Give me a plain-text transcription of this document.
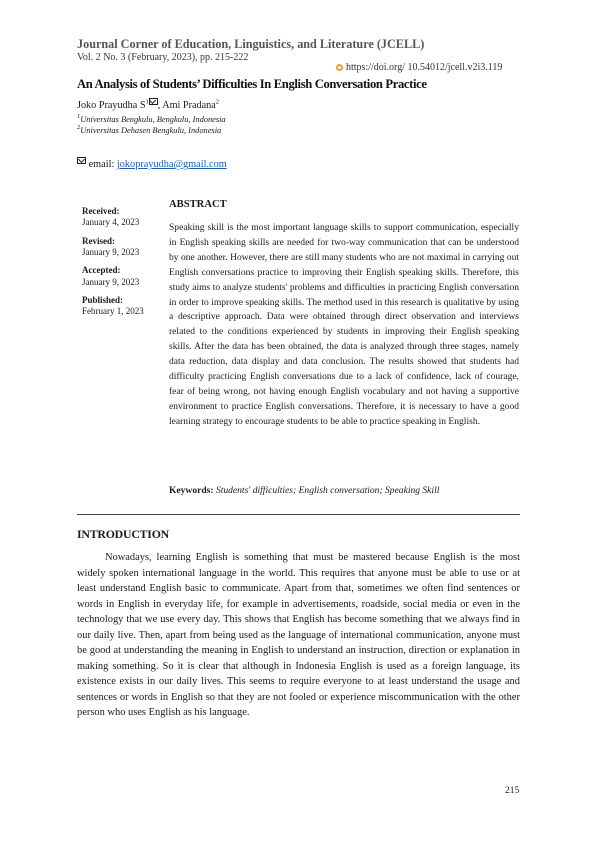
Journal Corner of Education, Linguistics, and Literature (JCELL)
Vol. 2 No. 3 (February, 2023), pp. 215-222
https://doi.org/ 10.54012/jcell.v2i3.119
An Analysis of Students’ Difficulties In English Conversation Practice
Joko Prayudha $S^1$ , Ami Pradana$^2$
$^1$Universitas Bengkulu, Bengkulu, Indonesia
$^2$Universitas Dehasen Bengkulu, Indonesia
email: jokoprayudha@gmail.com
Received:
January 4, 2023
Revised:
January 9, 2023
Accepted:
January 9, 2023
Published:
February 1, 2023
ABSTRACT
Speaking skill is the most important language skills to support communication, especially in English speaking skills are needed for two-way communication that can be understood by one another. However, there are still many students who are not maximal in carrying out English conversations practice to improving their English speaking skills. Therefore, this study aims to analyze students' problems and difficulties in practicing English conversation in order to improve speaking skills. The method used in this research is qualitative by using a descriptive approach. Data were obtained through direct observation and interviews related to the conditions experienced by students in improving their English speaking skills. After the data has been obtained, the data is analyzed through three stages, namely data reduction, data display and data conclusion. The results showed that students had difficulty practicing English conversations due to a lack of confidence, lack of courage, fear of being wrong, not having enough English vocabulary and not having a supportive environment to practice English conversations. Therefore, it is necessary to have a good learning strategy to encourage students to be able to practice speaking in English.
Keywords: Students' difficulties; English conversation; Speaking Skill
INTRODUCTION

Nowadays, learning English is something that must be mastered because English is the most widely spoken international language in the world. This requires that anyone must be able to use or at least understand English basic to communicate. Apart from that, sometimes we often find sentences or words in English in everyday life, for example in advertisements, roadside, social media or even in the technology that we use every day. This shows that English has become something that we always find in our daily live. Then, apart from being used as the language of international communication, anyone must be good at understanding the meaning in English to understand an instruction, direction or explanation in making something. So it is clear that although in Indonesia English is used as a foreign language, its existence exists in our daily lives. This seems to require everyone to at least understand the usage and sentences or words in English so that they are not fooled or experience miscommunication with the other person who uses English as his language.

215
